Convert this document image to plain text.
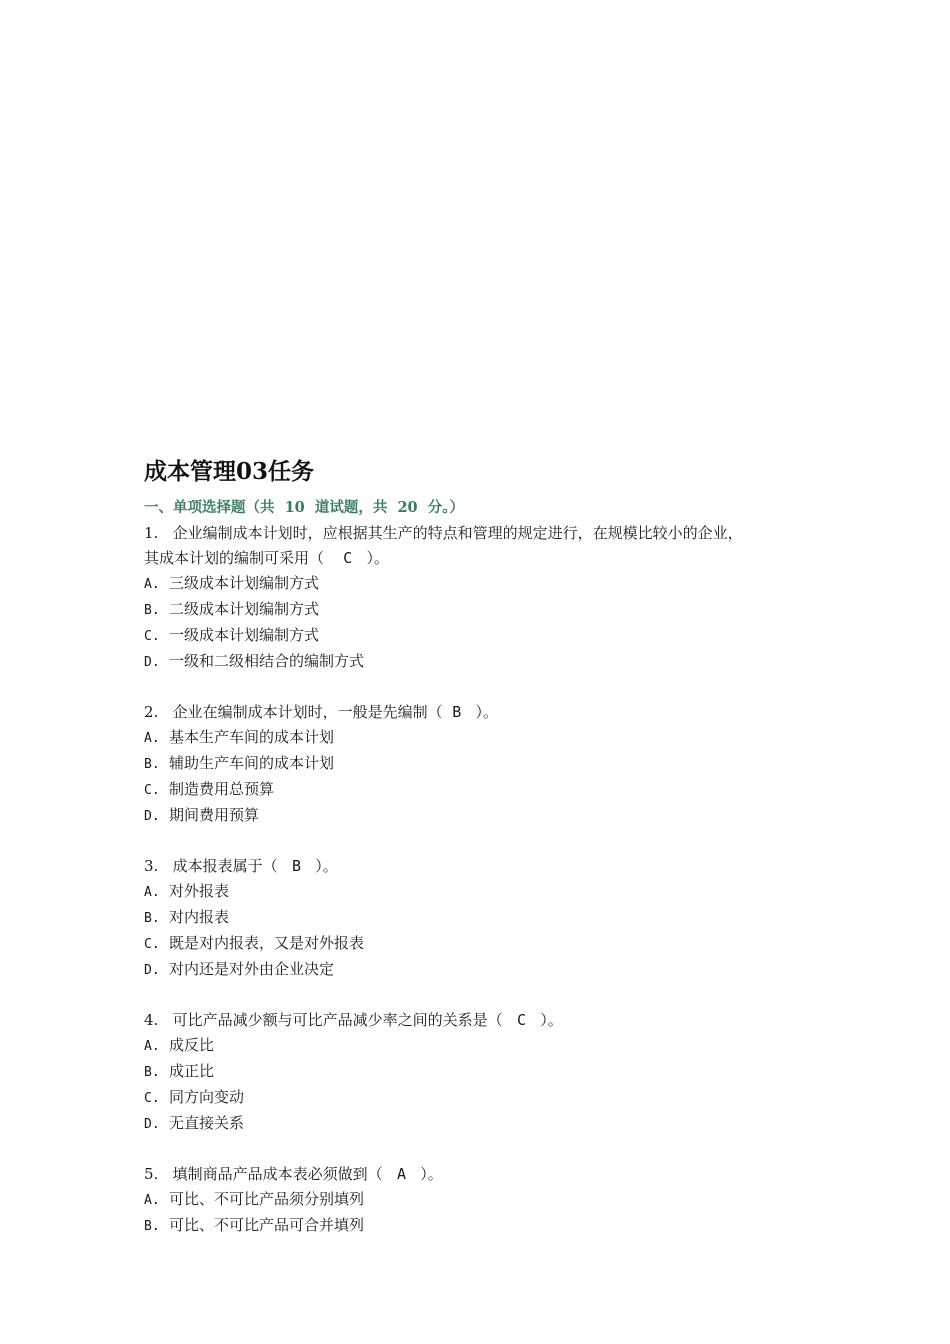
成本管理03任务
一、单项选择题（共  10  道试题，共  20  分。）

1. 企业编制成本计划时，应根据其生产的特点和管理的规定进行，在规模比较小的企业，

其成本计划的编制可采用（ C ）。

A. 三级成本计划编制方式

B. 二级成本计划编制方式

C. 一级成本计划编制方式

D. 一级和二级相结合的编制方式

2. 企业在编制成本计划时，一般是先编制（ B ）。

A. 基本生产车间的成本计划

B. 辅助生产车间的成本计划

C. 制造费用总预算

D. 期间费用预算

3. 成本报表属于（ B ）。

A. 对外报表

B. 对内报表

C. 既是对内报表，又是对外报表

D. 对内还是对外由企业决定

4. 可比产品减少额与可比产品减少率之间的关系是（ C ）。

A. 成反比

B. 成正比

C. 同方向变动

D. 无直接关系

5. 填制商品产品成本表必须做到（ A ）。

A. 可比、不可比产品须分别填列

B. 可比、不可比产品可合并填列
